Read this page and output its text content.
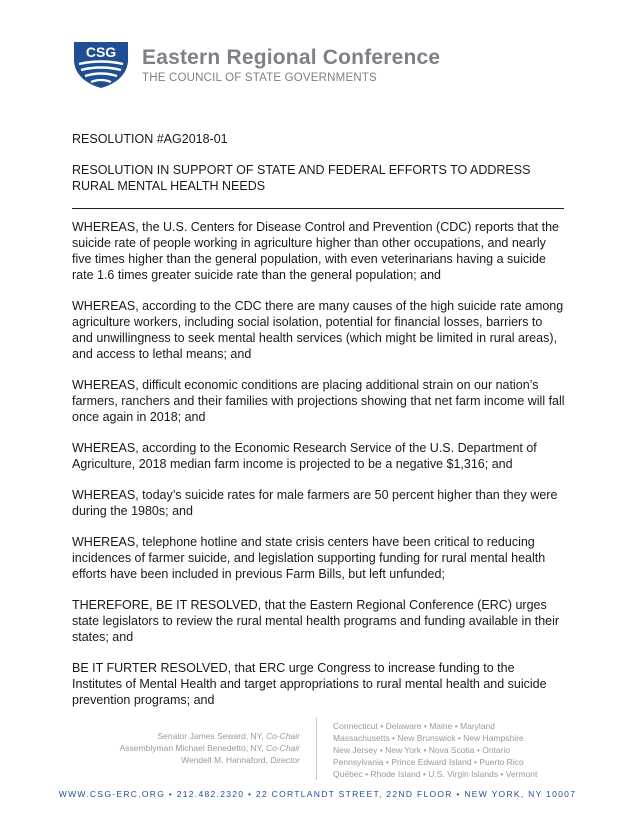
CSG Eastern Regional Conference
THE COUNCIL OF STATE GOVERNMENTS
RESOLUTION #AG2018-01
RESOLUTION IN SUPPORT OF STATE AND FEDERAL EFFORTS TO ADDRESS RURAL MENTAL HEALTH NEEDS

WHEREAS, the U.S. Centers for Disease Control and Prevention (CDC) reports that the suicide rate of people working in agriculture higher than other occupations, and nearly five times higher than the general population, with even veterinarians having a suicide rate 1.6 times greater suicide rate than the general population; and

WHEREAS, according to the CDC there are many causes of the high suicide rate among agriculture workers, including social isolation, potential for financial losses, barriers to and unwillingness to seek mental health services (which might be limited in rural areas), and access to lethal means; and

WHEREAS, difficult economic conditions are placing additional strain on our nation’s farmers, ranchers and their families with projections showing that net farm income will fall once again in 2018; and

WHEREAS, according to the Economic Research Service of the U.S. Department of Agriculture, 2018 median farm income is projected to be a negative $1,316; and

WHEREAS, today’s suicide rates for male farmers are 50 percent higher than they were during the 1980s; and

WHEREAS, telephone hotline and state crisis centers have been critical to reducing incidences of farmer suicide, and legislation supporting funding for rural mental health efforts have been included in previous Farm Bills, but left unfunded;

THEREFORE, BE IT RESOLVED, that the Eastern Regional Conference (ERC) urges state legislators to review the rural mental health programs and funding available in their states; and

BE IT FURTER RESOLVED, that ERC urge Congress to increase funding to the Institutes of Mental Health and target appropriations to rural mental health and suicide prevention programs; and

Senator James Seward, NY, Co-Chair
Assemblyman Michael Benedetto, NY, Co-Chair
Wendell M. Hannaford, Director
Connecticut • Delaware • Maine • Maryland
Massachusetts • New Brunswick • New Hampshire
New Jersey • New York • Nova Scotia • Ontario
Pennsylvania • Prince Edward Island • Puerto Rico
Québec • Rhode Island • U.S. Virgin Islands • Vermont
WWW.CSG-ERC.ORG • 212.482.2320 • 22 CORTLANDT STREET, 22ND FLOOR • NEW YORK, NY 10007
